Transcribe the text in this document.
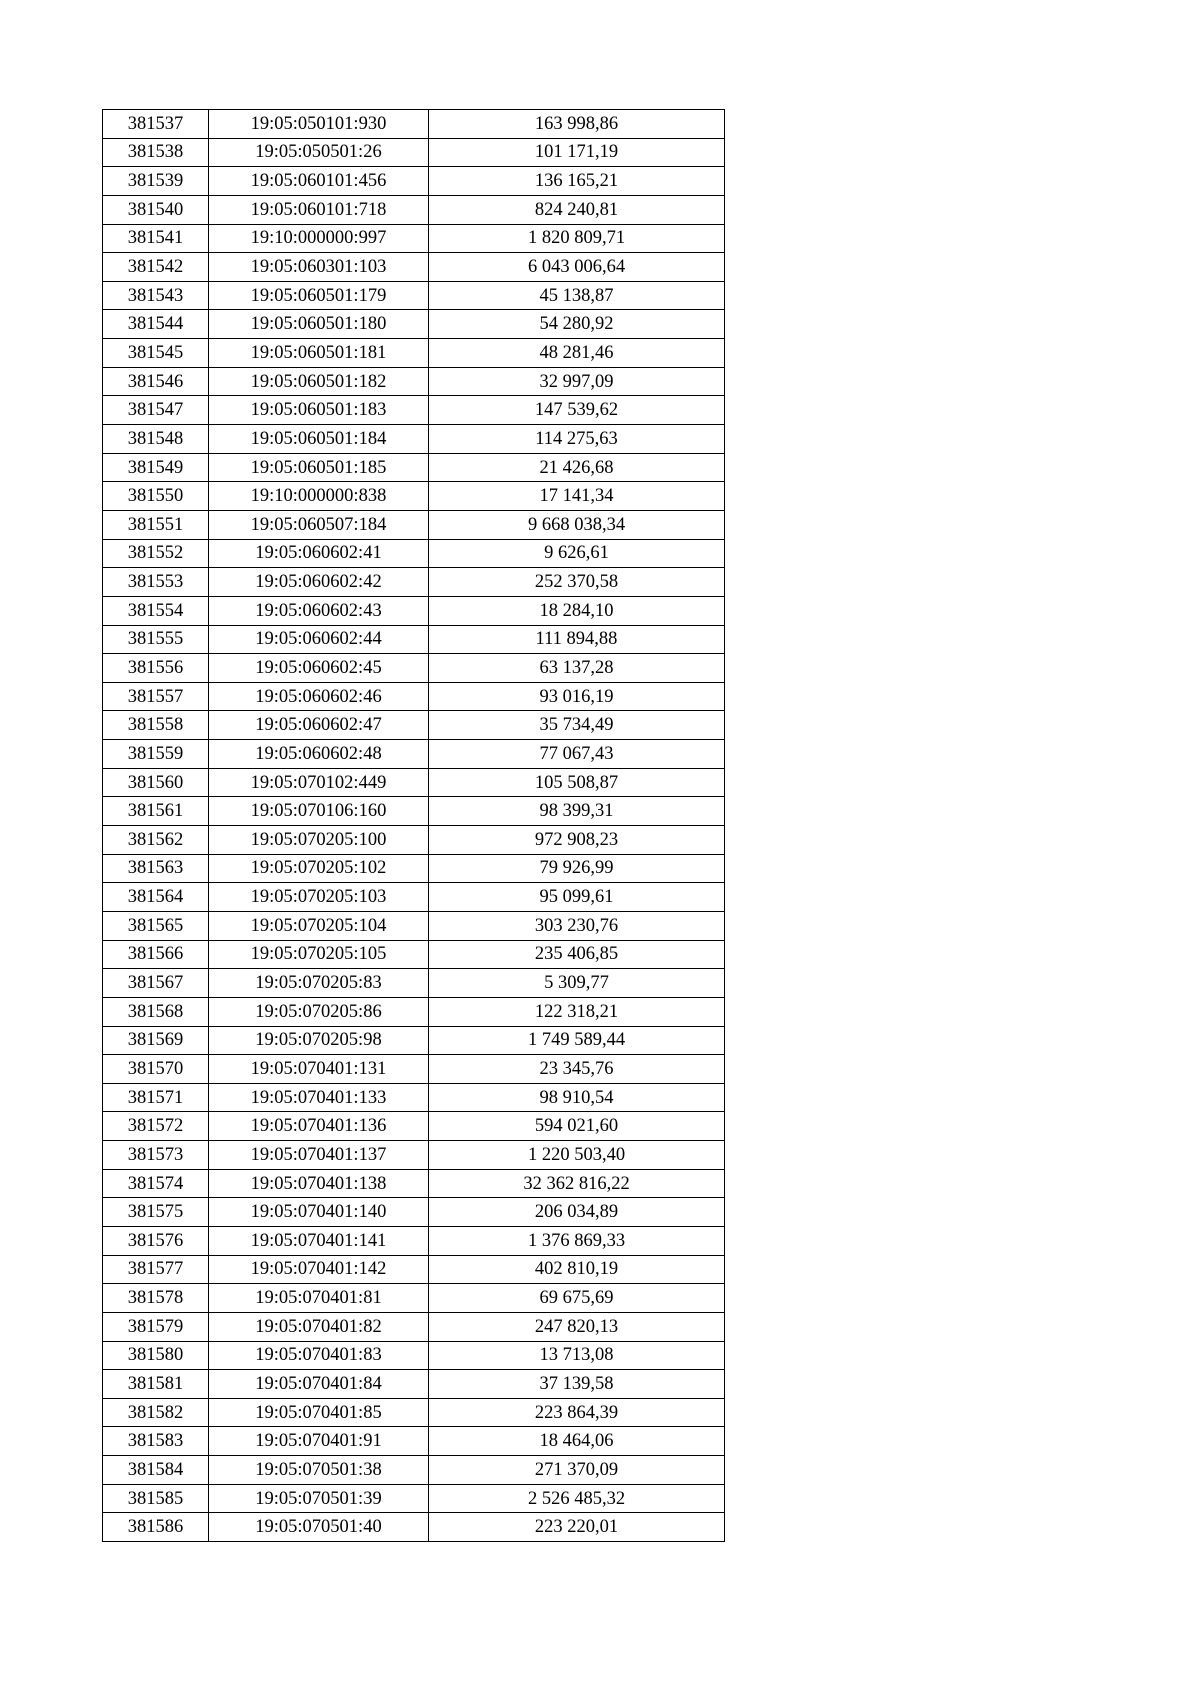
381537	19:05:050101:930	163 998,86
381538	19:05:050501:26	101 171,19
381539	19:05:060101:456	136 165,21
381540	19:05:060101:718	824 240,81
381541	19:10:000000:997	1 820 809,71
381542	19:05:060301:103	6 043 006,64
381543	19:05:060501:179	45 138,87
381544	19:05:060501:180	54 280,92
381545	19:05:060501:181	48 281,46
381546	19:05:060501:182	32 997,09
381547	19:05:060501:183	147 539,62
381548	19:05:060501:184	114 275,63
381549	19:05:060501:185	21 426,68
381550	19:10:000000:838	17 141,34
381551	19:05:060507:184	9 668 038,34
381552	19:05:060602:41	9 626,61
381553	19:05:060602:42	252 370,58
381554	19:05:060602:43	18 284,10
381555	19:05:060602:44	111 894,88
381556	19:05:060602:45	63 137,28
381557	19:05:060602:46	93 016,19
381558	19:05:060602:47	35 734,49
381559	19:05:060602:48	77 067,43
381560	19:05:070102:449	105 508,87
381561	19:05:070106:160	98 399,31
381562	19:05:070205:100	972 908,23
381563	19:05:070205:102	79 926,99
381564	19:05:070205:103	95 099,61
381565	19:05:070205:104	303 230,76
381566	19:05:070205:105	235 406,85
381567	19:05:070205:83	5 309,77
381568	19:05:070205:86	122 318,21
381569	19:05:070205:98	1 749 589,44
381570	19:05:070401:131	23 345,76
381571	19:05:070401:133	98 910,54
381572	19:05:070401:136	594 021,60
381573	19:05:070401:137	1 220 503,40
381574	19:05:070401:138	32 362 816,22
381575	19:05:070401:140	206 034,89
381576	19:05:070401:141	1 376 869,33
381577	19:05:070401:142	402 810,19
381578	19:05:070401:81	69 675,69
381579	19:05:070401:82	247 820,13
381580	19:05:070401:83	13 713,08
381581	19:05:070401:84	37 139,58
381582	19:05:070401:85	223 864,39
381583	19:05:070401:91	18 464,06
381584	19:05:070501:38	271 370,09
381585	19:05:070501:39	2 526 485,32
381586	19:05:070501:40	223 220,01
